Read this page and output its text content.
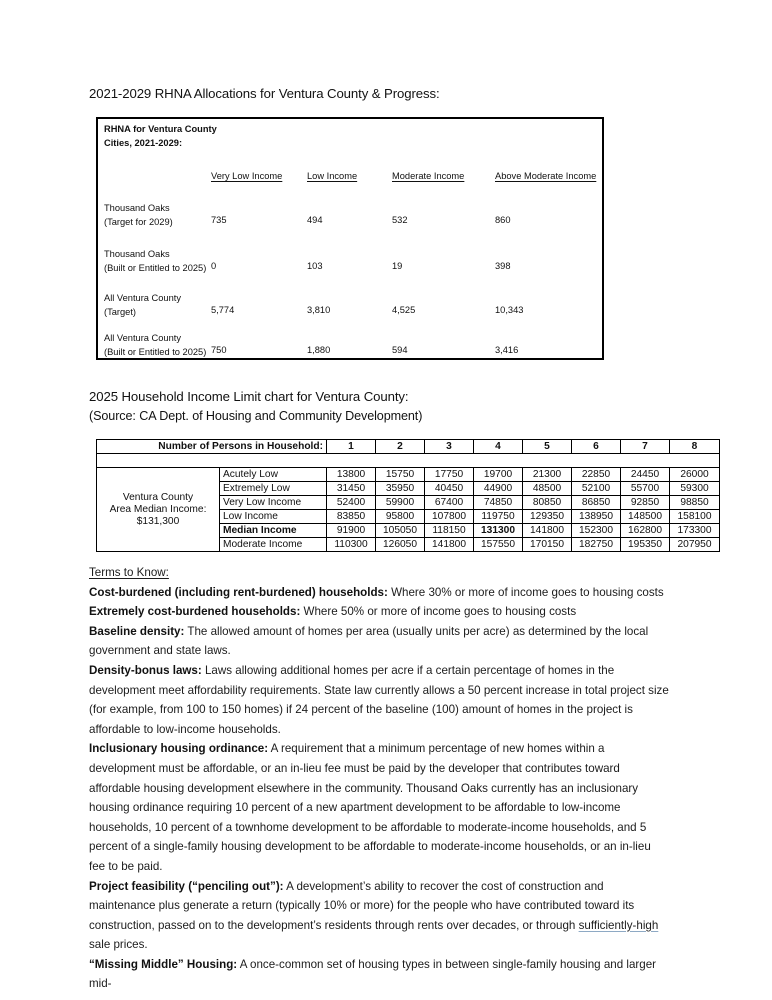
2021-2029 RHNA Allocations for Ventura County & Progress:
RHNA for Ventura County Cities, 2021-2029:
Very Low Income	Low Income	Moderate Income	Above Moderate Income
Thousand Oaks
(Target for 2029)	735	494	532	860
Thousand Oaks
(Built or Entitled to 2025) 0	103	19	398
All Ventura County
(Target)	5,774	3,810	4,525	10,343
All Ventura County
(Built or Entitled to 2025) 750	1,880	594	3,416
2025 Household Income Limit chart for Ventura County:
(Source: CA Dept. of Housing and Community Development)
Number of Persons in Household:		1	2	3	4	5	6	7	8

Ventura County
Area Median Income:
$131,300	Acutely Low	13800	15750	17750	19700	21300	22850	24450	26000
	Extremely Low	31450	35950	40450	44900	48500	52100	55700	59300
	Very Low Income	52400	59900	67400	74850	80850	86850	92850	98850
	Low Income	83850	95800	107800	119750	129350	138950	148500	158100
	Median Income	91900	105050	118150	131300	141800	152300	162800	173300
	Moderate Income	110300	126050	141800	157550	170150	182750	195350	207950

Terms to Know:

Cost-burdened (including rent-burdened) households: Where 30% or more of income goes to housing costs

Extremely cost-burdened households: Where 50% or more of income goes to housing costs

Baseline density: The allowed amount of homes per area (usually units per acre) as determined by the local government and state laws.

Density-bonus laws: Laws allowing additional homes per acre if a certain percentage of homes in the development meet affordability requirements. State law currently allows a 50 percent increase in total project size (for example, from 100 to 150 homes) if 24 percent of the baseline (100) amount of homes in the project is affordable to low-income households.

Inclusionary housing ordinance: A requirement that a minimum percentage of new homes within a development must be affordable, or an in-lieu fee must be paid by the developer that contributes toward affordable housing development elsewhere in the community. Thousand Oaks currently has an inclusionary housing ordinance requiring 10 percent of a new apartment development to be affordable to low-income households, 10 percent of a townhome development to be affordable to moderate-income households, and 5 percent of a single-family housing development to be affordable to moderate-income households, or an in-lieu fee to be paid.

Project feasibility (“penciling out”): A development’s ability to recover the cost of construction and maintenance plus generate a return (typically 10% or more) for the people who have contributed toward its construction, passed on to the development’s residents through rents over decades, or through sufficiently-high sale prices.

“Missing Middle” Housing: A once-common set of housing types in between single-family housing and larger mid-
